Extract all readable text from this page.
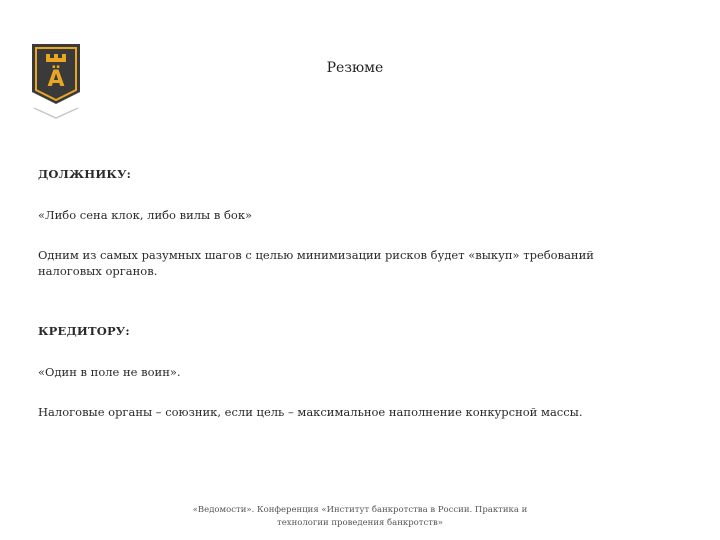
Ä	Резюме
ДОЛЖНИКУ:
«Либо сена клок, либо вилы в бок»
Одним из самых разумных шагов с целью минимизации рисков будет «выкуп» требований налоговых органов.
КРЕДИТОРУ:
«Один в поле не воин».
Налоговые органы – союзник, если цель – максимальное наполнение конкурсной массы.
«Ведомости». Конференция «Институт банкротства в России. Практика и
технологии проведения банкротств»
